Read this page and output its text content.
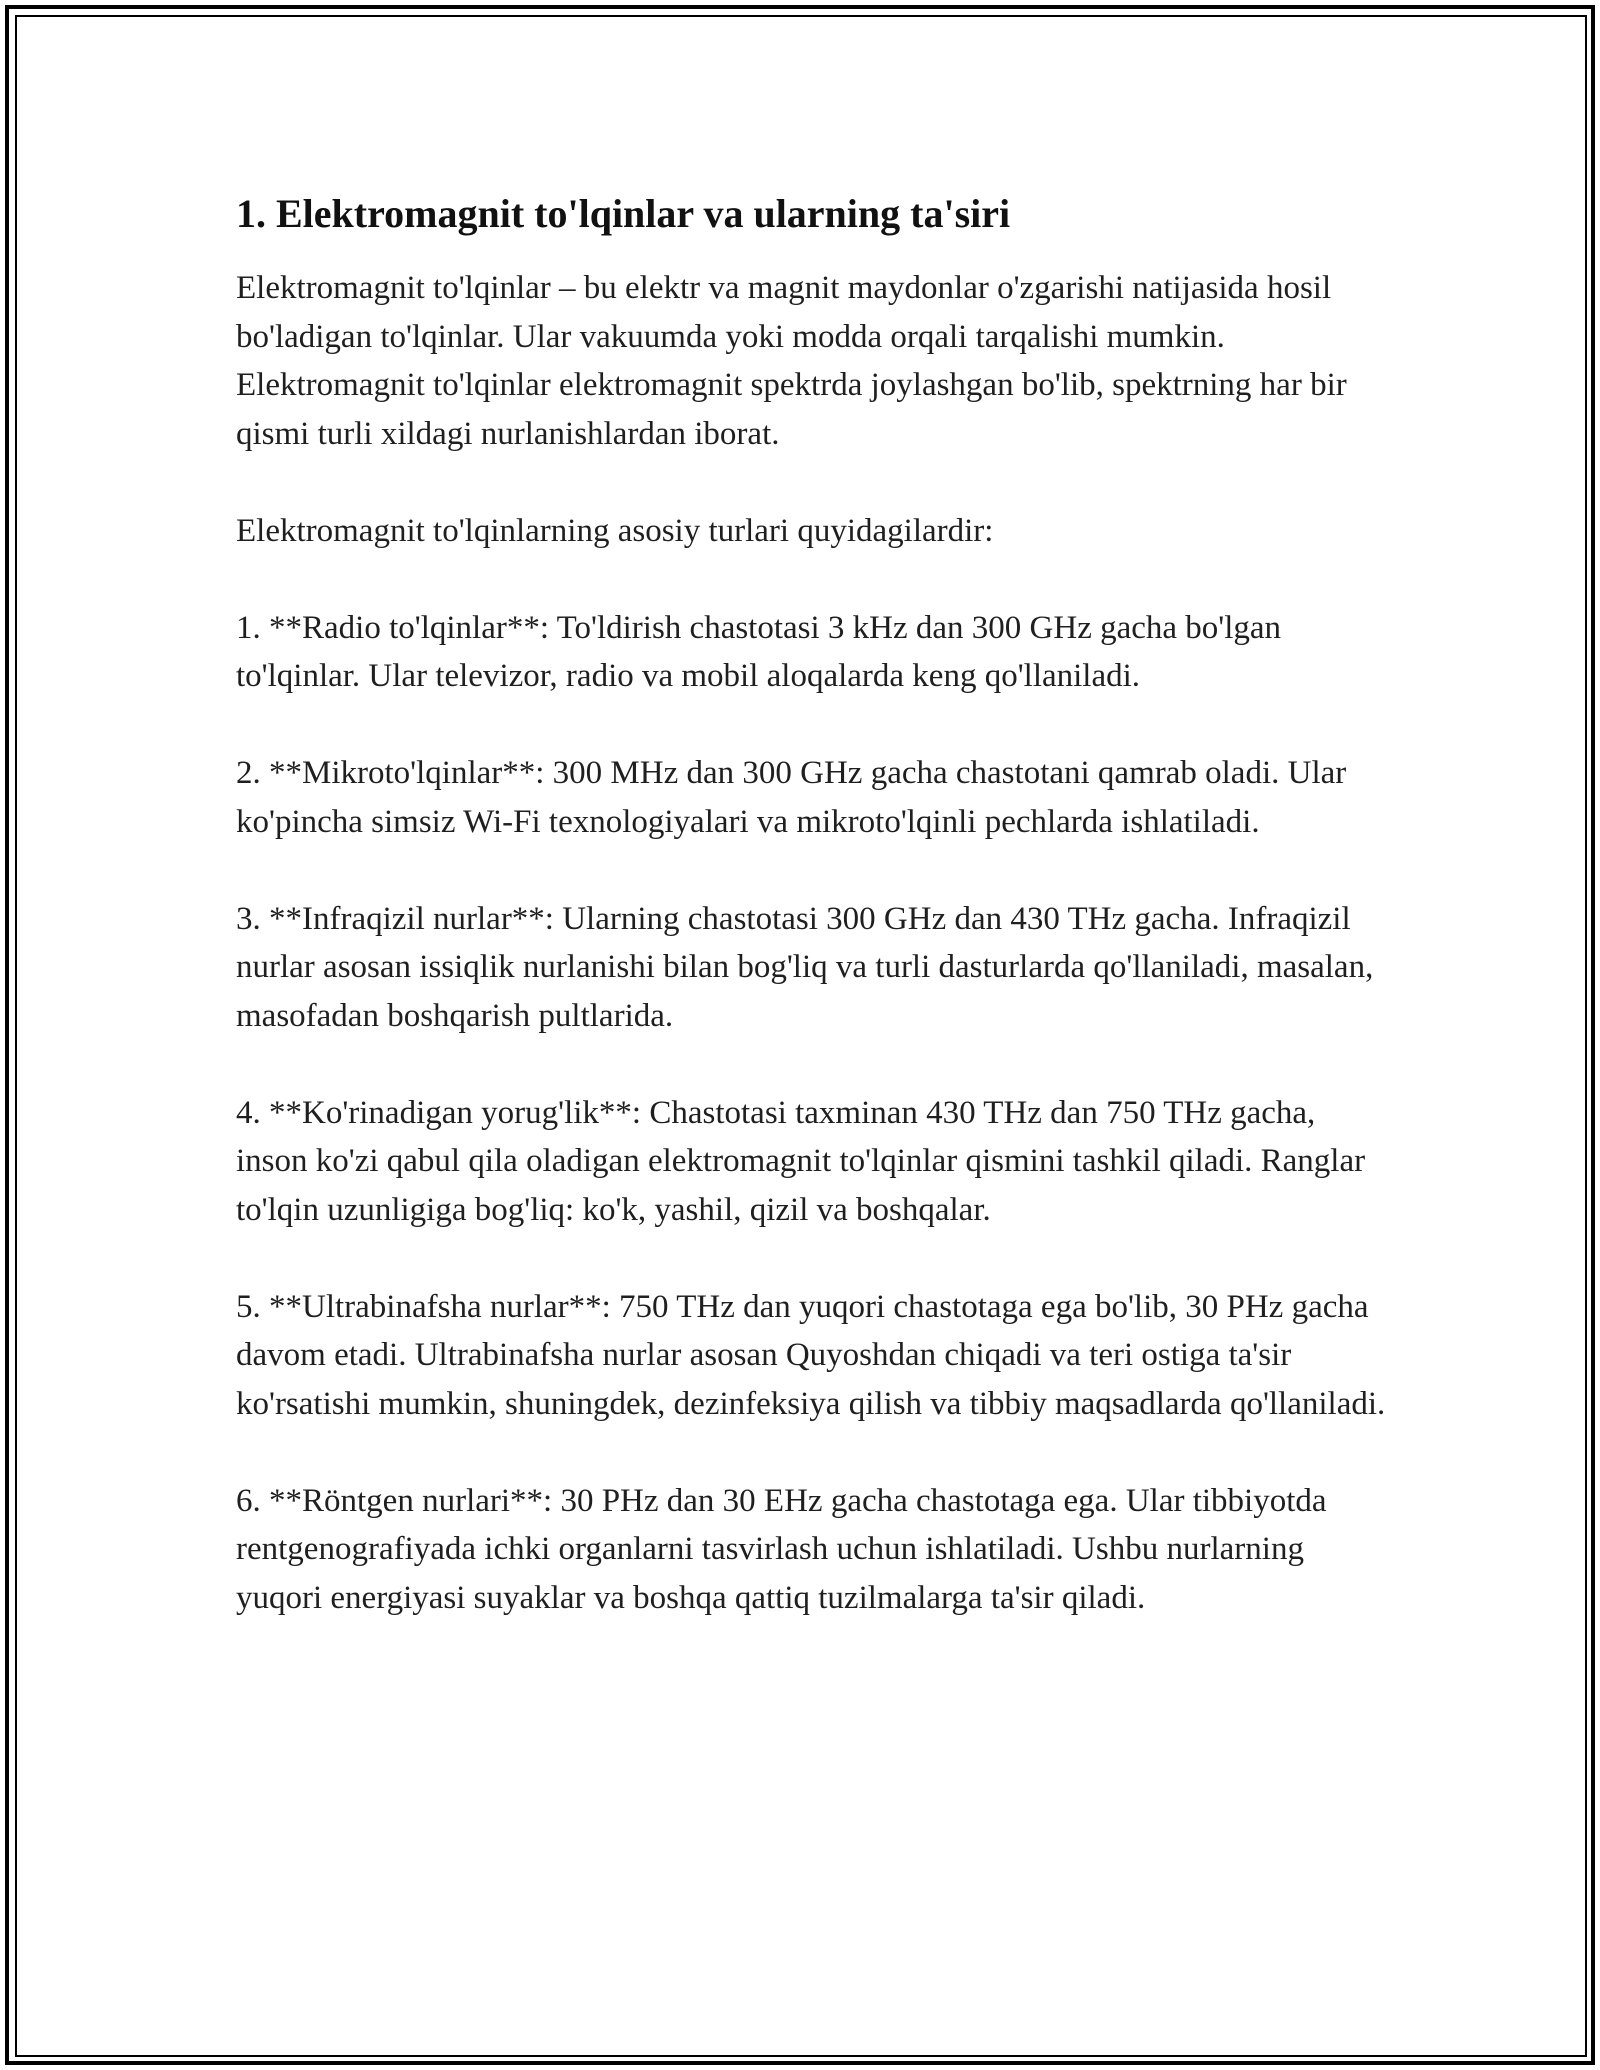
1. Elektromagnit to'lqinlar va ularning ta'siri

Elektromagnit to'lqinlar – bu elektr va magnit maydonlar o'zgarishi natijasida hosil bo'ladigan to'lqinlar. Ular vakuumda yoki modda orqali tarqalishi mumkin. Elektromagnit to'lqinlar elektromagnit spektrda joylashgan bo'lib, spektrning har bir qismi turli xildagi nurlanishlardan iborat.

Elektromagnit to'lqinlarning asosiy turlari quyidagilardir:

1. **Radio to'lqinlar**: To'ldirish chastotasi 3 kHz dan 300 GHz gacha bo'lgan to'lqinlar. Ular televizor, radio va mobil aloqalarda keng qo'llaniladi.

2. **Mikroto'lqinlar**: 300 MHz dan 300 GHz gacha chastotani qamrab oladi. Ular ko'pincha simsiz Wi-Fi texnologiyalari va mikroto'lqinli pechlarda ishlatiladi.

3. **Infraqizil nurlar**: Ularning chastotasi 300 GHz dan 430 THz gacha. Infraqizil nurlar asosan issiqlik nurlanishi bilan bog'liq va turli dasturlarda qo'llaniladi, masalan, masofadan boshqarish pultlarida.

4. **Ko'rinadigan yorug'lik**: Chastotasi taxminan 430 THz dan 750 THz gacha, inson ko'zi qabul qila oladigan elektromagnit to'lqinlar qismini tashkil qiladi. Ranglar to'lqin uzunligiga bog'liq: ko'k, yashil, qizil va boshqalar.

5. **Ultrabinafsha nurlar**: 750 THz dan yuqori chastotaga ega bo'lib, 30 PHz gacha davom etadi. Ultrabinafsha nurlar asosan Quyoshdan chiqadi va teri ostiga ta'sir ko'rsatishi mumkin, shuningdek, dezinfeksiya qilish va tibbiy maqsadlarda qo'llaniladi.

6. **Röntgen nurlari**: 30 PHz dan 30 EHz gacha chastotaga ega. Ular tibbiyotda rentgenografiyada ichki organlarni tasvirlash uchun ishlatiladi. Ushbu nurlarning yuqori energiyasi suyaklar va boshqa qattiq tuzilmalarga ta'sir qiladi.
